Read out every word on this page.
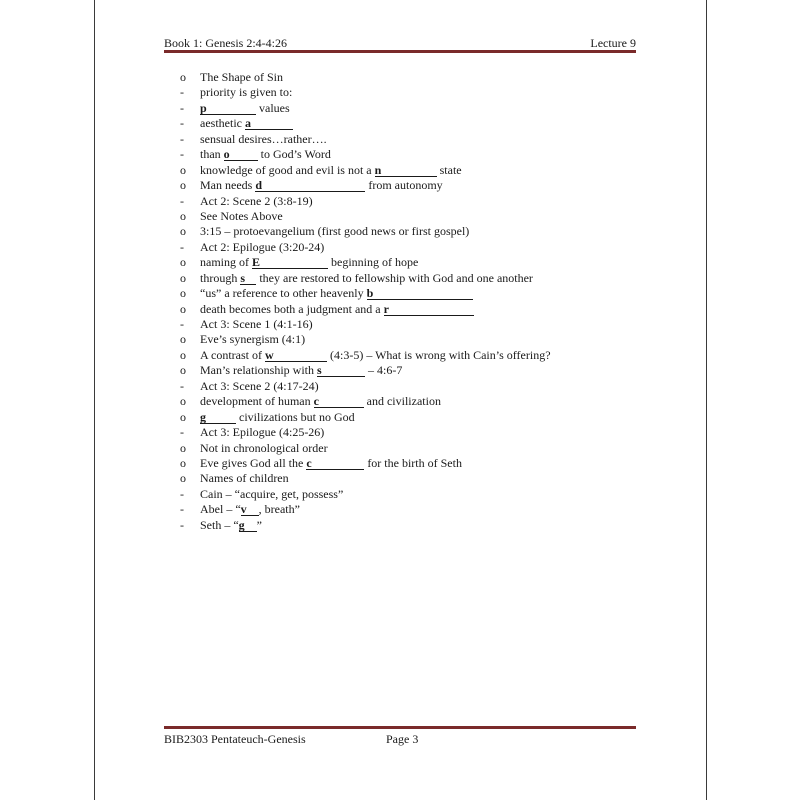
Book 1: Genesis 2:4-4:26	Lecture 9
o	The Shape of Sin
-	priority is given to:
-	p	values
-	aesthetic a
-	sensual desires…rather….
-	than o to God’s Word
o	knowledge of good and evil is not a n	state
o	Man needs d	from autonomy
-	Act 2: Scene 2 (3:8-19)
o	See Notes Above
o	3:15 – protoevangelium (first good news or first gospel)
-	Act 2: Epilogue (3:20-24)
o	naming of E	beginning of hope
o	through s they are restored to fellowship with God and one another
o	“us” a reference to other heavenly b
o	death becomes both a judgment and a r
-	Act 3: Scene 1 (4:1-16)
o	Eve’s synergism (4:1)
o	A contrast of w	(4:3-5) – What is wrong with Cain’s offering?
o	Man’s relationship with s	– 4:6-7
-	Act 3: Scene 2 (4:17-24)
o	development of human c	and civilization
o	g	civilizations but no God
-	Act 3: Epilogue (4:25-26)
o	Not in chronological order
o	Eve gives God all the c	for the birth of Seth
o	Names of children
-	Cain – “acquire, get, possess”
-	Abel – “v , breath”
-	Seth – “g ”
BIB2303 Pentateuch-Genesis	Page 3
